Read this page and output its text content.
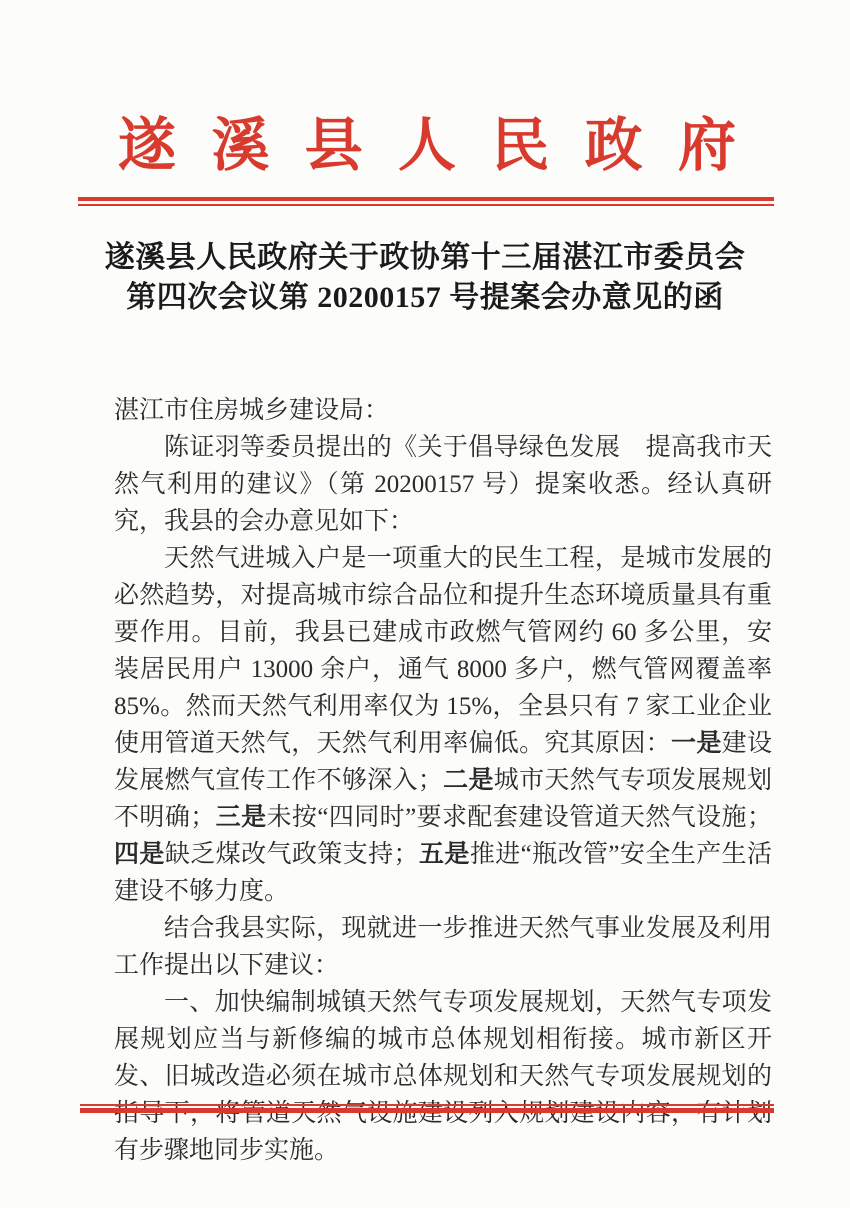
遂溪县人民政府
遂溪县人民政府关于政协第十三届湛江市委员会
第四次会议第 20200157 号提案会办意见的函

湛江市住房城乡建设局：

陈证羽等委员提出的《关于倡导绿色发展　提高我市天然气利用的建议》（第 20200157 号）提案收悉。经认真研究，我县的会办意见如下：

天然气进城入户是一项重大的民生工程，是城市发展的必然趋势，对提高城市综合品位和提升生态环境质量具有重要作用。目前，我县已建成市政燃气管网约 60 多公里，安装居民用户 13000 余户，通气 8000 多户，燃气管网覆盖率 85%。然而天然气利用率仅为 15%，全县只有 7 家工业企业使用管道天然气，天然气利用率偏低。究其原因：一是建设发展燃气宣传工作不够深入；二是城市天然气专项发展规划不明确；三是未按“四同时”要求配套建设管道天然气设施；四是缺乏煤改气政策支持；五是推进“瓶改管”安全生产生活建设不够力度。

结合我县实际，现就进一步推进天然气事业发展及利用工作提出以下建议：

一、加快编制城镇天然气专项发展规划，天然气专项发展规划应当与新修编的城市总体规划相衔接。城市新区开发、旧城改造必须在城市总体规划和天然气专项发展规划的指导下，将管道天然气设施建设列入规划建设内容，有计划有步骤地同步实施。
